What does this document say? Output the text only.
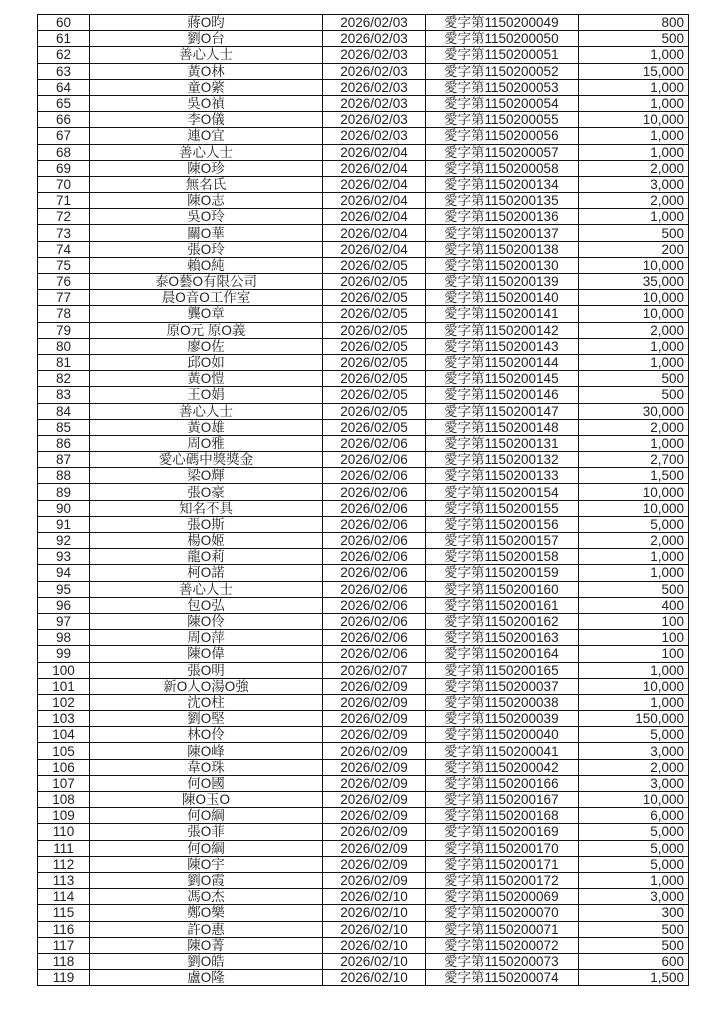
60	蔣O昀	2026/02/03	愛字第1150200049	800
61	劉O台	2026/02/03	愛字第1150200050	500
62	善心人士	2026/02/03	愛字第1150200051	1,000
63	黃O林	2026/02/03	愛字第1150200052	15,000
64	童O綮	2026/02/03	愛字第1150200053	1,000
65	吳O禎	2026/02/03	愛字第1150200054	1,000
66	李O儀	2026/02/03	愛字第1150200055	10,000
67	連O宜	2026/02/03	愛字第1150200056	1,000
68	善心人士	2026/02/04	愛字第1150200057	1,000
69	陳O珍	2026/02/04	愛字第1150200058	2,000
70	無名氏	2026/02/04	愛字第1150200134	3,000
71	陳O志	2026/02/04	愛字第1150200135	2,000
72	吳O玲	2026/02/04	愛字第1150200136	1,000
73	關O華	2026/02/04	愛字第1150200137	500
74	張O玲	2026/02/04	愛字第1150200138	200
75	賴O純	2026/02/05	愛字第1150200130	10,000
76	泰O藝O有限公司	2026/02/05	愛字第1150200139	35,000
77	晨O音O工作室	2026/02/05	愛字第1150200140	10,000
78	龔O章	2026/02/05	愛字第1150200141	10,000
79	原O元 原O義	2026/02/05	愛字第1150200142	2,000
80	廖O佐	2026/02/05	愛字第1150200143	1,000
81	邱O如	2026/02/05	愛字第1150200144	1,000
82	黃O愷	2026/02/05	愛字第1150200145	500
83	王O娟	2026/02/05	愛字第1150200146	500
84	善心人士	2026/02/05	愛字第1150200147	30,000
85	黃O雄	2026/02/05	愛字第1150200148	2,000
86	周O雅	2026/02/06	愛字第1150200131	1,000
87	愛心碼中獎獎金	2026/02/06	愛字第1150200132	2,700
88	梁O輝	2026/02/06	愛字第1150200133	1,500
89	張O豪	2026/02/06	愛字第1150200154	10,000
90	知名不具	2026/02/06	愛字第1150200155	10,000
91	張O斯	2026/02/06	愛字第1150200156	5,000
92	楊O姬	2026/02/06	愛字第1150200157	2,000
93	龍O莉	2026/02/06	愛字第1150200158	1,000
94	柯O諾	2026/02/06	愛字第1150200159	1,000
95	善心人士	2026/02/06	愛字第1150200160	500
96	包O弘	2026/02/06	愛字第1150200161	400
97	陳O伶	2026/02/06	愛字第1150200162	100
98	周O萍	2026/02/06	愛字第1150200163	100
99	陳O偉	2026/02/06	愛字第1150200164	100
100	張O明	2026/02/07	愛字第1150200165	1,000
101	新O人O湯O強	2026/02/09	愛字第1150200037	10,000
102	沈O柱	2026/02/09	愛字第1150200038	1,000
103	劉O堅	2026/02/09	愛字第1150200039	150,000
104	林O伶	2026/02/09	愛字第1150200040	5,000
105	陳O峰	2026/02/09	愛字第1150200041	3,000
106	韋O珠	2026/02/09	愛字第1150200042	2,000
107	何O國	2026/02/09	愛字第1150200166	3,000
108	陳O玉O	2026/02/09	愛字第1150200167	10,000
109	何O綱	2026/02/09	愛字第1150200168	6,000
110	張O菲	2026/02/09	愛字第1150200169	5,000
111	何O綱	2026/02/09	愛字第1150200170	5,000
112	陳O宇	2026/02/09	愛字第1150200171	5,000
113	劉O霞	2026/02/09	愛字第1150200172	1,000
114	馮O杰	2026/02/10	愛字第1150200069	3,000
115	鄭O樂	2026/02/10	愛字第1150200070	300
116	許O惠	2026/02/10	愛字第1150200071	500
117	陳O菁	2026/02/10	愛字第1150200072	500
118	劉O皓	2026/02/10	愛字第1150200073	600
119	盧O隆	2026/02/10	愛字第1150200074	1,500
